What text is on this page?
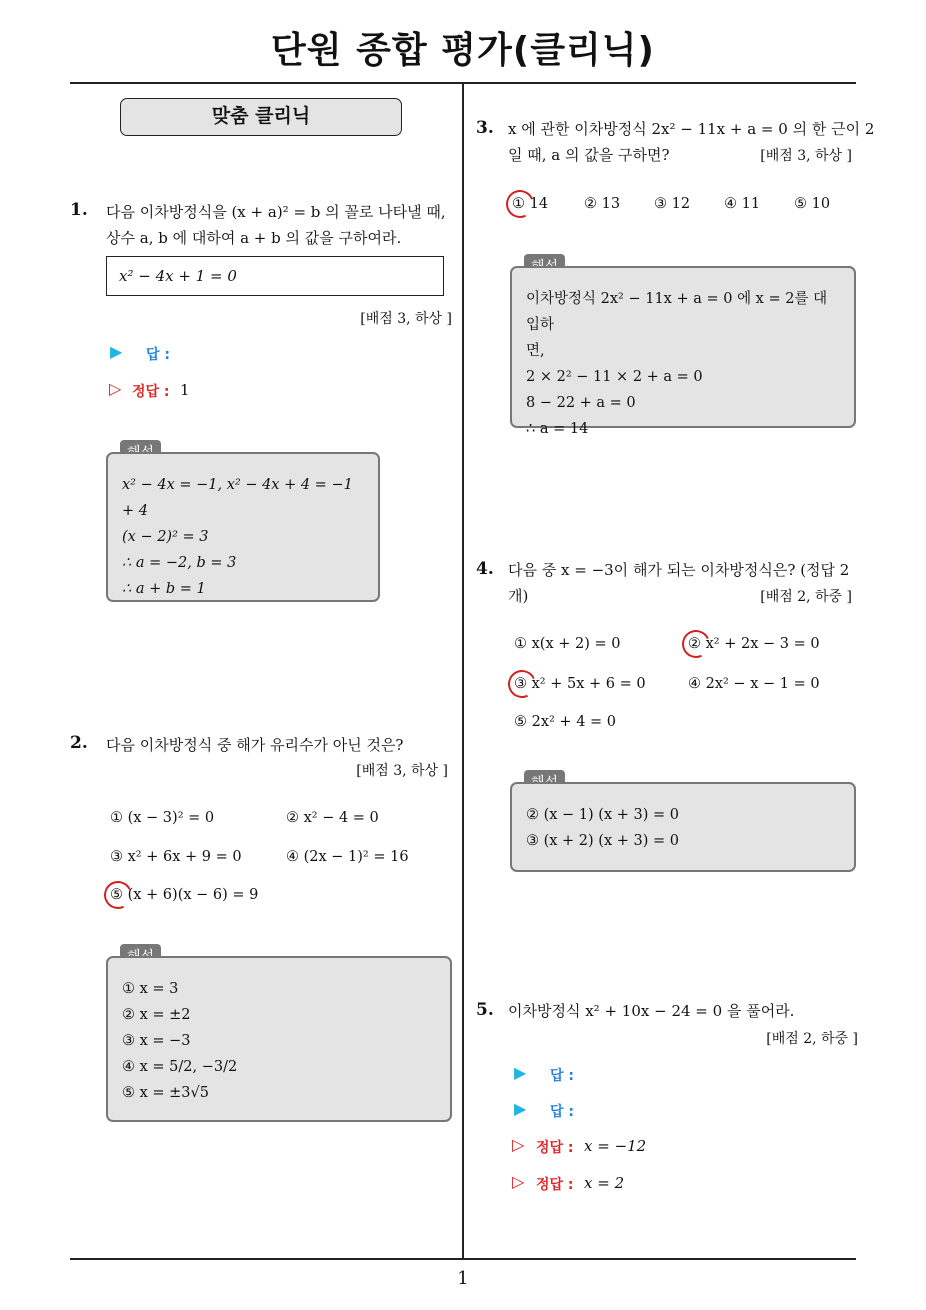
단원 종합 평가(클리닉)
1
맞춤 클리닉
1. 다음 이차방정식을 (x + a)² = b 의 꼴로 나타낼 때,
상수 a, b 에 대하여 a + b 의 값을 구하여라.
x² − 4x + 1 = 0
[배점 3, 하상 ]
▶ 답 :
▷ 정답 : 1
x² − 4x = −1, x² − 4x + 4 = −1 + 4
(x − 2)² = 3
∴ a = −2, b = 3
∴ a + b = 1
2. 다음 이차방정식 중 해가 유리수가 아닌 것은?
[배점 3, 하상 ]
① (x − 3)² = 0	② x² − 4 = 0
③ x² + 6x + 9 = 0	④ (2x − 1)² = 16
⑤ (x + 6)(x − 6) = 9
① x = 3
② x = ±2
③ x = −3
④ x = 5/2, −3/2
⑤ x = ±3√5
3. x 에 관한 이차방정식 2x² − 11x + a = 0 의 한 근이 2
일 때, a 의 값을 구하면?	[배점 3, 하상 ]
① 14 ② 13 ③ 12 ④ 11 ⑤ 10
이차방정식 2x² − 11x + a = 0 에 x = 2를 대입하
면,
2 × 2² − 11 × 2 + a = 0
8 − 22 + a = 0
∴ a = 14
4. 다음 중 x = −3이 해가 되는 이차방정식은? (정답 2
개)	[배점 2, 하중 ]
① x(x + 2) = 0	② x² + 2x − 3 = 0
③ x² + 5x + 6 = 0	④ 2x² − x − 1 = 0
⑤ 2x² + 4 = 0
② (x − 1) (x + 3) = 0
③ (x + 2) (x + 3) = 0
5. 이차방정식 x² + 10x − 24 = 0 을 풀어라.
[배점 2, 하중 ]
▶ 답 :
▶ 답 :
▷ 정답 : x = −12
▷ 정답 : x = 2
